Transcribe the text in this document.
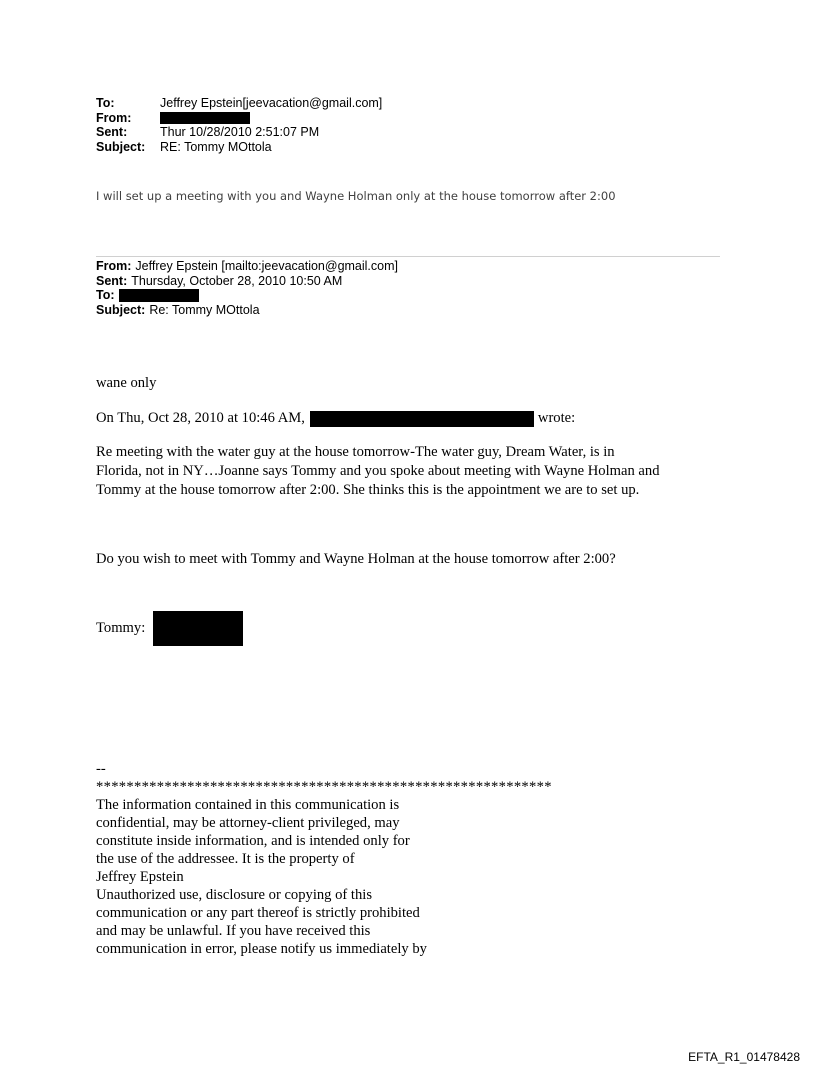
To:	Jeffrey Epstein[jeevacation@gmail.com]
From:
Sent:	Thur 10/28/2010 2:51:07 PM
Subject:	RE: Tommy MOttola
I will set up a meeting with you and Wayne Holman only at the house tomorrow after 2:00
From: Jeffrey Epstein [mailto:jeevacation@gmail.com]
Sent: Thursday, October 28, 2010 10:50 AM
To:
Subject: Re: Tommy MOttola

wane only

On Thu, Oct 28, 2010 at 10:46 AM,	wrote:

Re meeting with the water guy at the house tomorrow-The water guy, Dream Water, is in
Florida, not in NY…Joanne says Tommy and you spoke about meeting with Wayne Holman and
Tommy at the house tomorrow after 2:00. She thinks this is the appointment we are to set up.

Do you wish to meet with Tommy and Wayne Holman at the house tomorrow after 2:00?

Tommy:
--
************************************************************
The information contained in this communication is
confidential, may be attorney-client privileged, may
constitute inside information, and is intended only for
the use of the addressee. It is the property of
Jeffrey Epstein
Unauthorized use, disclosure or copying of this
communication or any part thereof is strictly prohibited
and may be unlawful. If you have received this
communication in error, please notify us immediately by
EFTA_R1_01478428
